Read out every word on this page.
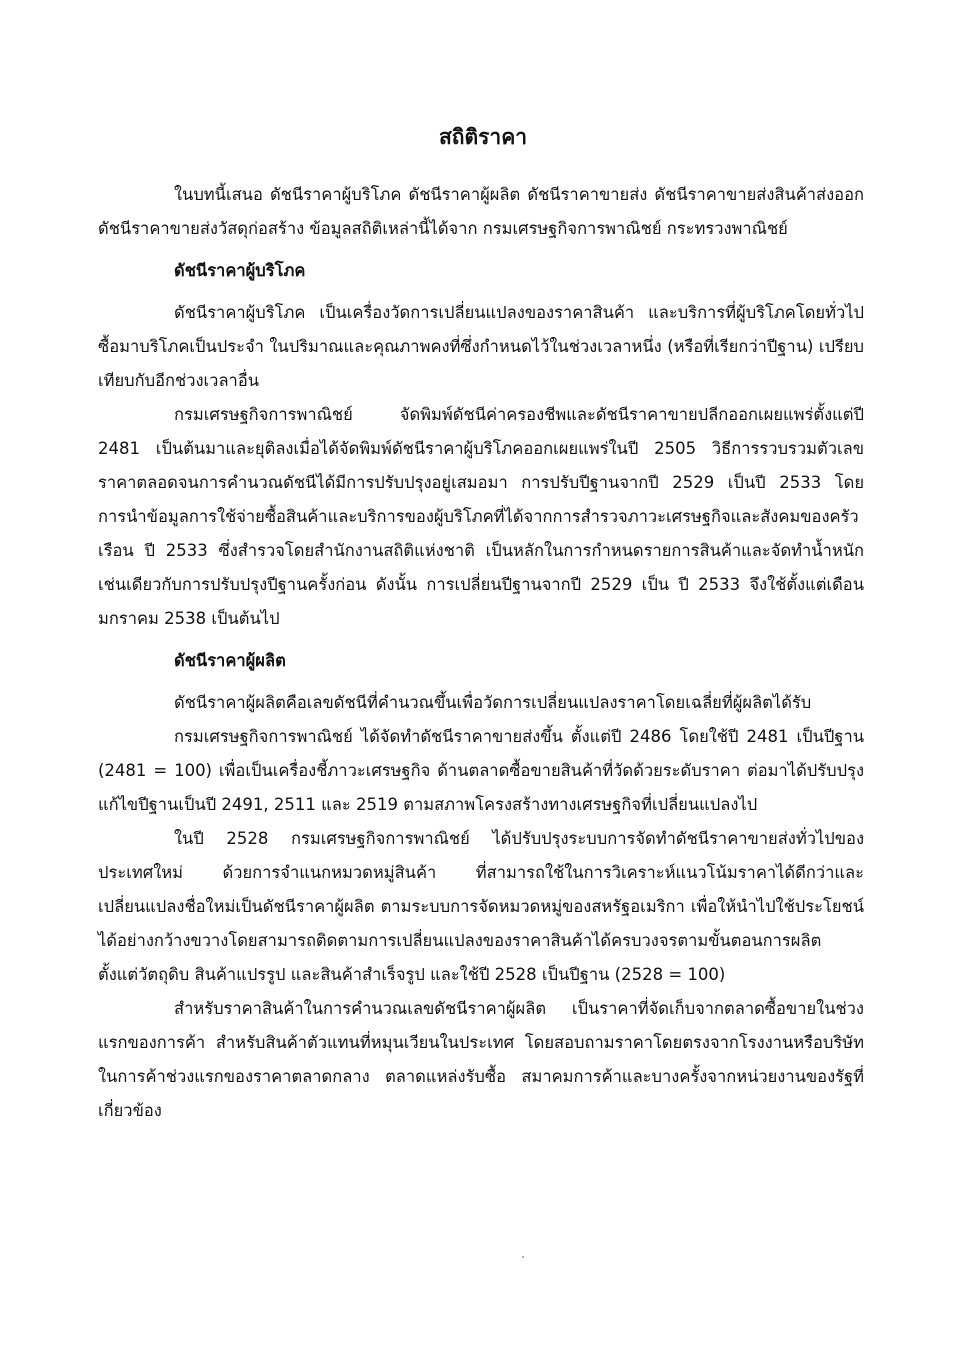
สถิติราคา

ในบทนี้เสนอ ดัชนีราคาผู้บริโภค ดัชนีราคาผู้ผลิต ดัชนีราคาขายส่ง ดัชนีราคาขายส่งสินค้าส่งออก ดัชนีราคาขายส่งวัสดุก่อสร้าง ข้อมูลสถิติเหล่านี้ได้จาก กรมเศรษฐกิจการพาณิชย์ กระทรวงพาณิชย์

ดัชนีราคาผู้บริโภค

ดัชนีราคาผู้บริโภค เป็นเครื่องวัดการเปลี่ยนแปลงของราคาสินค้า และบริการที่ผู้บริโภคโดยทั่วไปซื้อมาบริโภคเป็นประจำ ในปริมาณและคุณภาพคงที่ซึ่งกำหนดไว้ในช่วงเวลาหนึ่ง (หรือที่เรียกว่าปีฐาน) เปรียบเทียบกับอีกช่วงเวลาอื่น

กรมเศรษฐกิจการพาณิชย์ จัดพิมพ์ดัชนีค่าครองชีพและดัชนีราคาขายปลีกออกเผยแพร่ตั้งแต่ปี 2481 เป็นต้นมาและยุติลงเมื่อได้จัดพิมพ์ดัชนีราคาผู้บริโภคออกเผยแพร่ในปี 2505 วิธีการรวบรวมตัวเลขราคาตลอดจนการคำนวณดัชนีได้มีการปรับปรุงอยู่เสมอมา การปรับปีฐานจากปี 2529 เป็นปี 2533 โดยการนำข้อมูลการใช้จ่ายซื้อสินค้าและบริการของผู้บริโภคที่ได้จากการสำรวจภาวะเศรษฐกิจและสังคมของครัวเรือน ปี 2533 ซึ่งสำรวจโดยสำนักงานสถิติแห่งชาติ เป็นหลักในการกำหนดรายการสินค้าและจัดทำน้ำหนักเช่นเดียวกับการปรับปรุงปีฐานครั้งก่อน ดังนั้น การเปลี่ยนปีฐานจากปี 2529 เป็น ปี 2533 จึงใช้ตั้งแต่เดือนมกราคม 2538 เป็นต้นไป

ดัชนีราคาผู้ผลิต

ดัชนีราคาผู้ผลิตคือเลขดัชนีที่คำนวณขึ้นเพื่อวัดการเปลี่ยนแปลงราคาโดยเฉลี่ยที่ผู้ผลิตได้รับ

กรมเศรษฐกิจการพาณิชย์ ได้จัดทำดัชนีราคาขายส่งขึ้น ตั้งแต่ปี 2486 โดยใช้ปี 2481 เป็นปีฐาน (2481 = 100) เพื่อเป็นเครื่องชี้ภาวะเศรษฐกิจ ด้านตลาดซื้อขายสินค้าที่วัดด้วยระดับราคา ต่อมาได้ปรับปรุงแก้ไขปีฐานเป็นปี 2491, 2511 และ 2519 ตามสภาพโครงสร้างทางเศรษฐกิจที่เปลี่ยนแปลงไป

ในปี 2528 กรมเศรษฐกิจการพาณิชย์ ได้ปรับปรุงระบบการจัดทำดัชนีราคาขายส่งทั่วไปของประเทศใหม่ ด้วยการจำแนกหมวดหมู่สินค้า ที่สามารถใช้ในการวิเคราะห์แนวโน้มราคาได้ดีกว่าและเปลี่ยนแปลงชื่อใหม่เป็นดัชนีราคาผู้ผลิต ตามระบบการจัดหมวดหมู่ของสหรัฐอเมริกา เพื่อให้นำไปใช้ประโยชน์ได้อย่างกว้างขวางโดยสามารถติดตามการเปลี่ยนแปลงของราคาสินค้าได้ครบวงจรตามขั้นตอนการผลิต ตั้งแต่วัตถุดิบ สินค้าแปรรูป และสินค้าสำเร็จรูป และใช้ปี 2528 เป็นปีฐาน (2528 = 100)

สำหรับราคาสินค้าในการคำนวณเลขดัชนีราคาผู้ผลิต เป็นราคาที่จัดเก็บจากตลาดซื้อขายในช่วงแรกของการค้า สำหรับสินค้าตัวแทนที่หมุนเวียนในประเทศ โดยสอบถามราคาโดยตรงจากโรงงานหรือบริษัทในการค้าช่วงแรกของราคาตลาดกลาง ตลาดแหล่งรับซื้อ สมาคมการค้าและบางครั้งจากหน่วยงานของรัฐที่เกี่ยวข้อง
